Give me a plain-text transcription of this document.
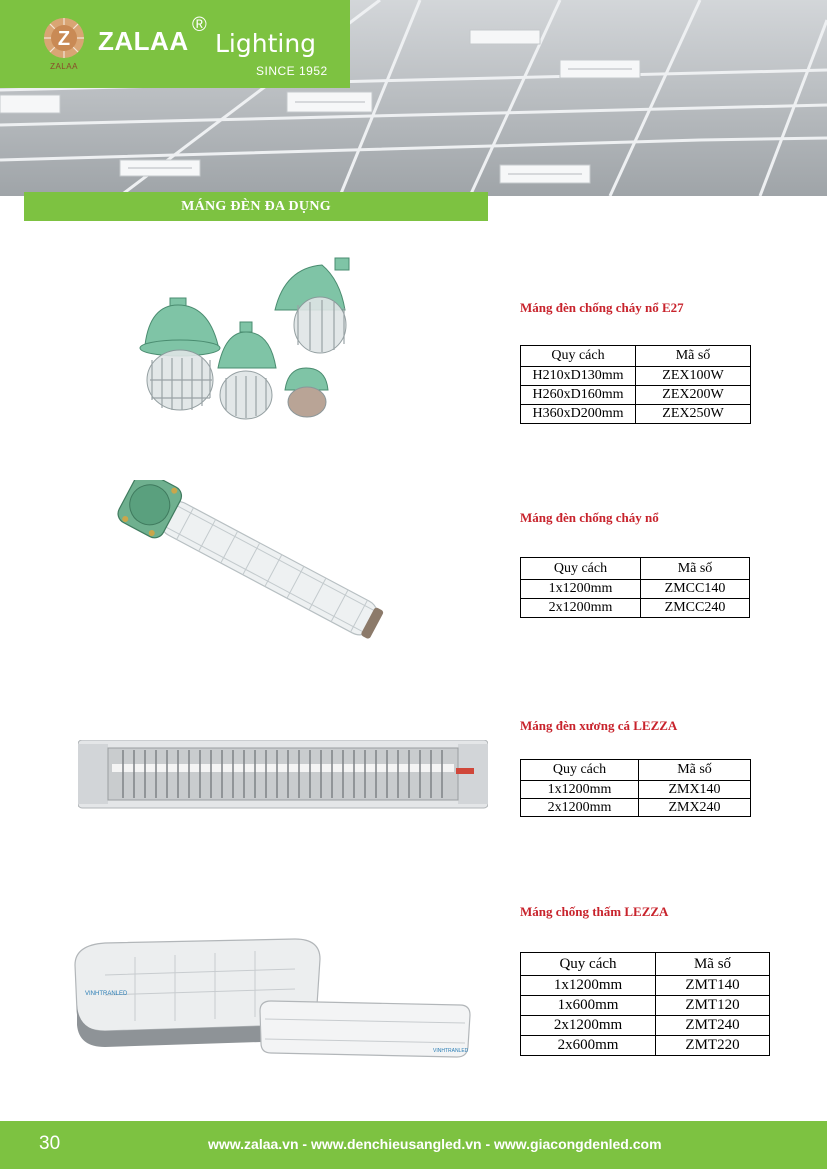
Z
ZALAA
ZALAA
®
Lighting
SINCE 1952
MÁNG ĐÈN ĐA DỤNG
Máng đèn chống cháy nổ E27
Quy cách	Mã số
H210xD130mm	ZEX100W
H260xD160mm	ZEX200W
H360xD200mm	ZEX250W
Máng đèn chống cháy nổ
Quy cách	Mã số
1x1200mm	ZMCC140
2x1200mm	ZMCC240
Máng đèn xương cá LEZZA
Quy cách	Mã số
1x1200mm	ZMX140
2x1200mm	ZMX240
VINHTRANLED
VINHTRANLED
Máng chống thấm LEZZA
Quy cách	Mã số
1x1200mm	ZMT140
1x600mm	ZMT120
2x1200mm	ZMT240
2x600mm	ZMT220
30	www.zalaa.vn - www.denchieusangled.vn - www.giacongdenled.com
